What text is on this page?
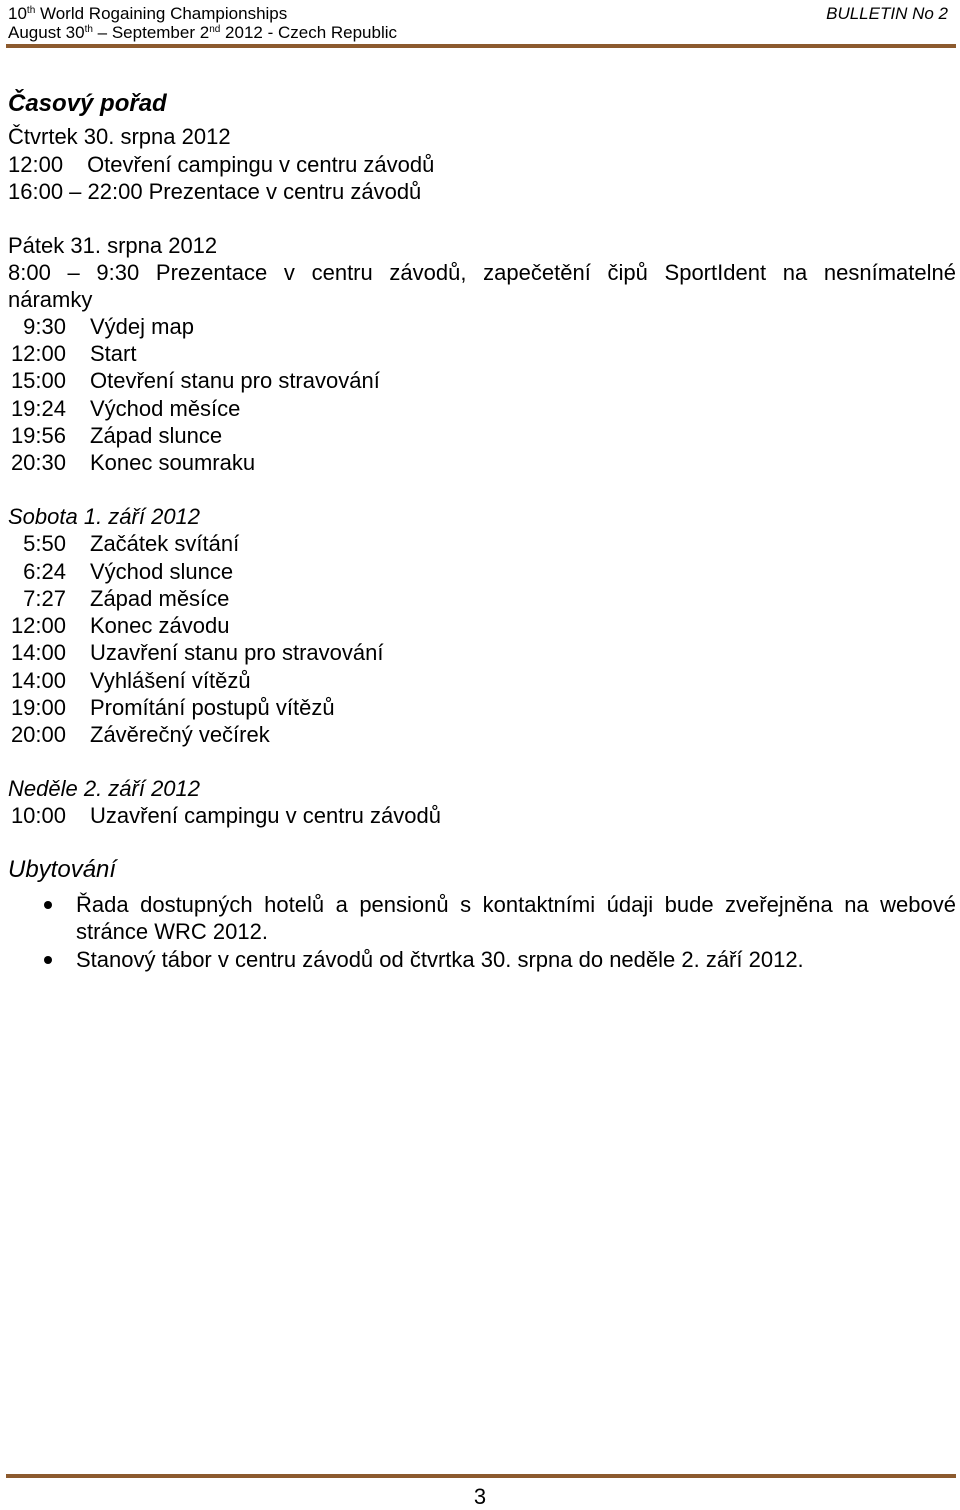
10th World Rogaining Championships
August 30th – September 2nd 2012 - Czech Republic
BULLETIN No 2
Časový pořad
Čtvrtek 30. srpna 2012
12:00 Otevření campingu v centru závodů
16:00 – 22:00 Prezentace v centru závodů
Pátek 31. srpna 2012
8:00 – 9:30 Prezentace v centru závodů, zapečetění čipů SportIdent na nesnímatelné
náramky
9:30 Výdej map
12:00 Start
15:00 Otevření stanu pro stravování
19:24 Východ měsíce
19:56 Západ slunce
20:30 Konec soumraku
Sobota 1. září 2012
5:50 Začátek svítání
6:24 Východ slunce
7:27 Západ měsíce
12:00 Konec závodu
14:00 Uzavření stanu pro stravování
14:00 Vyhlášení vítězů
19:00 Promítání postupů vítězů
20:00 Závěrečný večírek
Neděle 2. září 2012
10:00 Uzavření campingu v centru závodů
Ubytování
Řada dostupných hotelů a pensionů s kontaktními údaji bude zveřejněna na webové stránce WRC 2012.
Stanový tábor v centru závodů od čtvrtka 30. srpna do neděle 2. září 2012.
3
